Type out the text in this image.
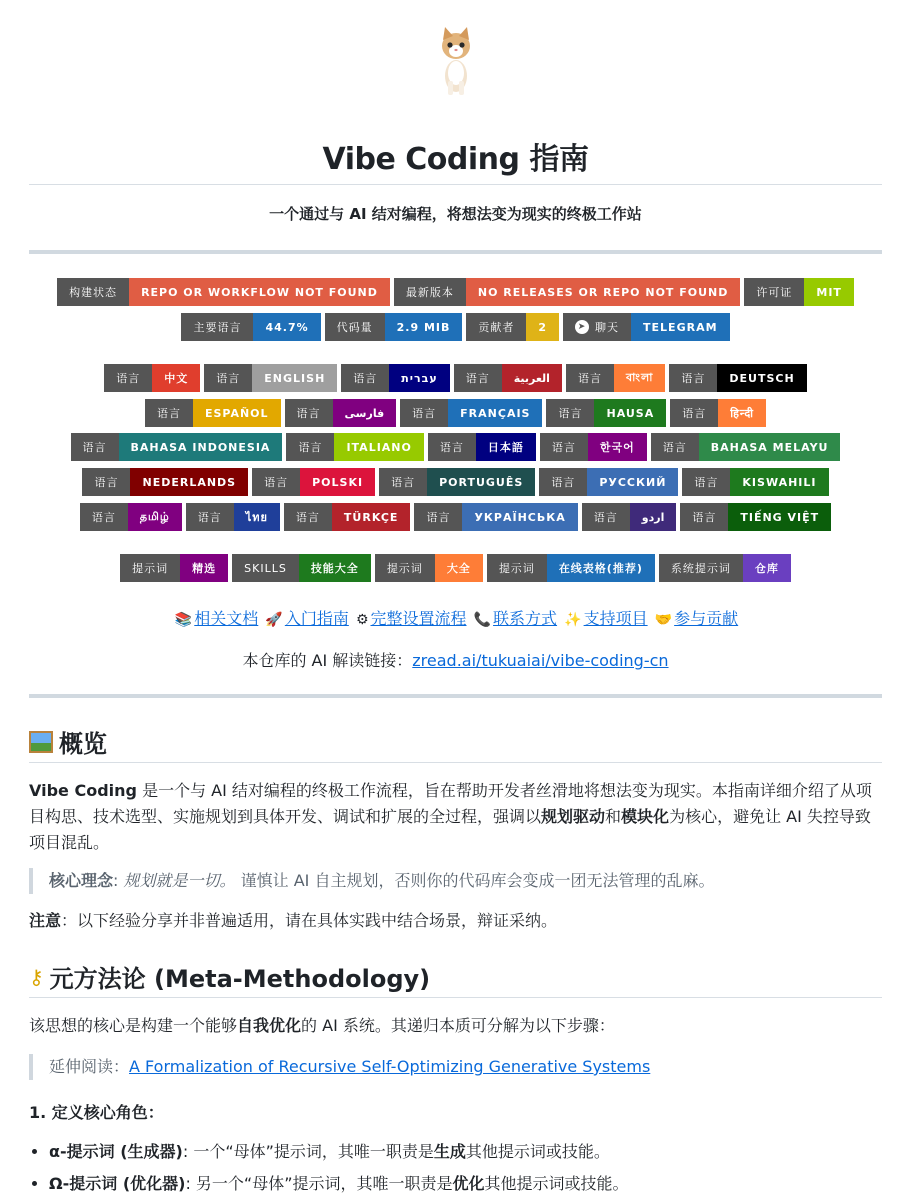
Vibe Coding 指南
一个通过与 AI 结对编程，将想法变为现实的终极工作站
构建状态	REPO OR WORKFLOW NOT FOUND	最新版本	NO RELEASES OR REPO NOT FOUND	许可证	MIT
主要语言	44.7%	代码量	2.9 MIB	贡献者	2	➤ 聊天	TELEGRAM
语言	中文	语言	ENGLISH	语言	עברית	语言	العربية	语言	বাংলা	语言	DEUTSCH
语言	ESPAÑOL	语言	فارسی	语言	FRANÇAIS	语言	HAUSA	语言	हिन्दी
语言	BAHASA INDONESIA	语言	ITALIANO	语言	日本語	语言	한국어	语言	BAHASA MELAYU
语言	NEDERLANDS	语言	POLSKI	语言	PORTUGUÊS	语言	РУССКИЙ	语言	KISWAHILI
语言	தமிழ்	语言	ไทย	语言	TÜRKÇE	语言	УКРАЇНСЬКА	语言	اردو	语言	TIẾNG VIỆT
提示词	精选	SKILLS	技能大全	提示词	大全	提示词	在线表格(推荐)	系统提示词	仓库
📚 相关文档 🚀 入门指南 ⚙ 完整设置流程 📞 联系方式 ✨ 支持项目 🤝 参与贡献
本仓库的 AI 解读链接：zread.ai/tukuaiai/vibe-coding-cn
概览

Vibe Coding 是一个与 AI 结对编程的终极工作流程，旨在帮助开发者丝滑地将想法变为现实。本指南详细介绍了从项目构思、技术选型、实施规划到具体开发、调试和扩展的全过程，强调以规划驱动和模块化为核心，避免让 AI 失控导致项目混乱。

核心理念: 规划就是一切。 谨慎让 AI 自主规划，否则你的代码库会变成一团无法管理的乱麻。

注意：以下经验分享并非普遍适用，请在具体实践中结合场景，辩证采纳。

⚷ 元方法论 (Meta-Methodology)

该思想的核心是构建一个能够自我优化的 AI 系统。其递归本质可分解为以下步骤：

延伸阅读：A Formalization of Recursive Self-Optimizing Generative Systems

1. 定义核心角色：

• α-提示词 (生成器): 一个“母体”提示词，其唯一职责是生成其他提示词或技能。
• Ω-提示词 (优化器): 另一个“母体”提示词，其唯一职责是优化其他提示词或技能。
